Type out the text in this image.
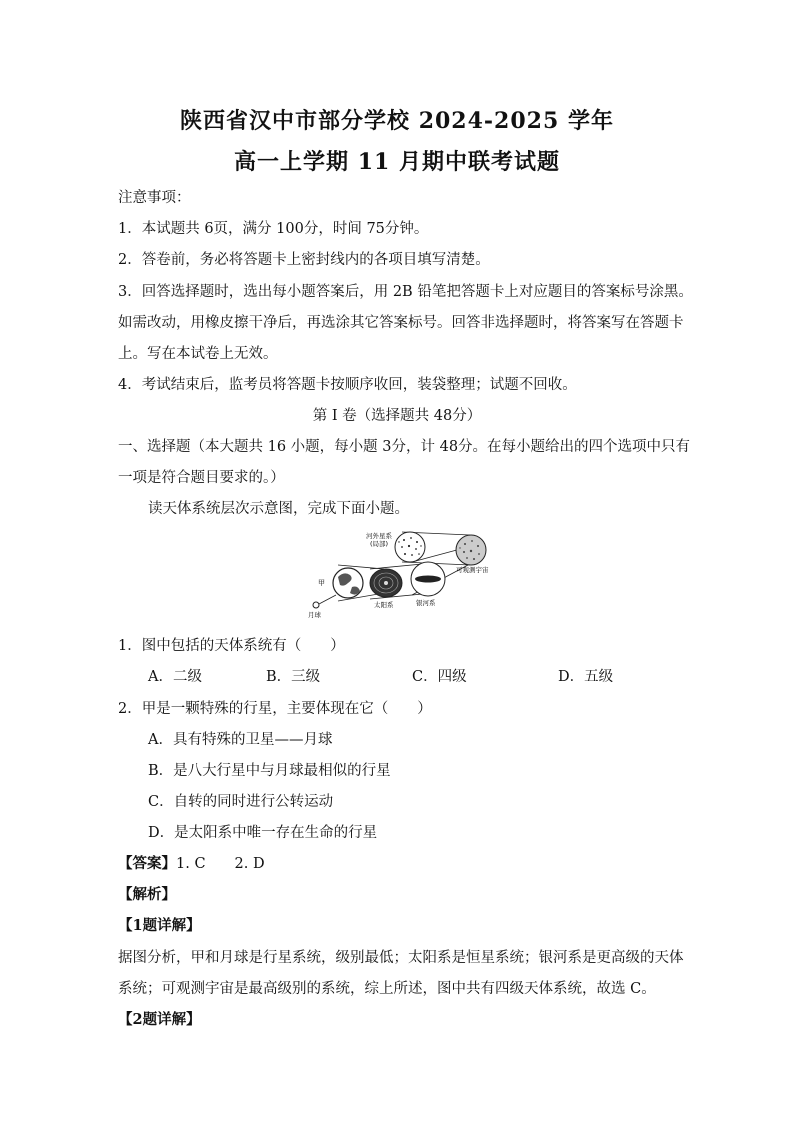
陕西省汉中市部分学校 2024-2025 学年
高一上学期 11 月期中联考试题
注意事项：
1．本试题共 6页，满分 100分，时间 75分钟。
2．答卷前，务必将答题卡上密封线内的各项目填写清楚。
3．回答选择题时，选出每小题答案后，用 2B 铅笔把答题卡上对应题目的答案标号涂黑。
如需改动，用橡皮擦干净后，再选涂其它答案标号。回答非选择题时，将答案写在答题卡
上。写在本试卷上无效。
4．考试结束后，监考员将答题卡按顺序收回，装袋整理；试题不回收。
第 I 卷（选择题共 48分）
一、选择题（本大题共 16 小题，每小题 3分，计 48分。在每小题给出的四个选项中只有
一项是符合题目要求的。）
读天体系统层次示意图，完成下面小题。
河外星系
(局部)
可观测宇宙
甲
太阳系	银河系
月球
1．图中包括的天体系统有（　　）
A．二级	B．三级	C．四级	D．五级
2．甲是一颗特殊的行星，主要体现在它（　　）
A．具有特殊的卫星——月球
B．是八大行星中与月球最相似的行星
C．自转的同时进行公转运动
D．是太阳系中唯一存在生命的行星
【答案】1. C　　2. D
【解析】
【1题详解】
据图分析，甲和月球是行星系统，级别最低；太阳系是恒星系统；银河系是更高级的天体
系统；可观测宇宙是最高级别的系统，综上所述，图中共有四级天体系统，故选 C。
【2题详解】
